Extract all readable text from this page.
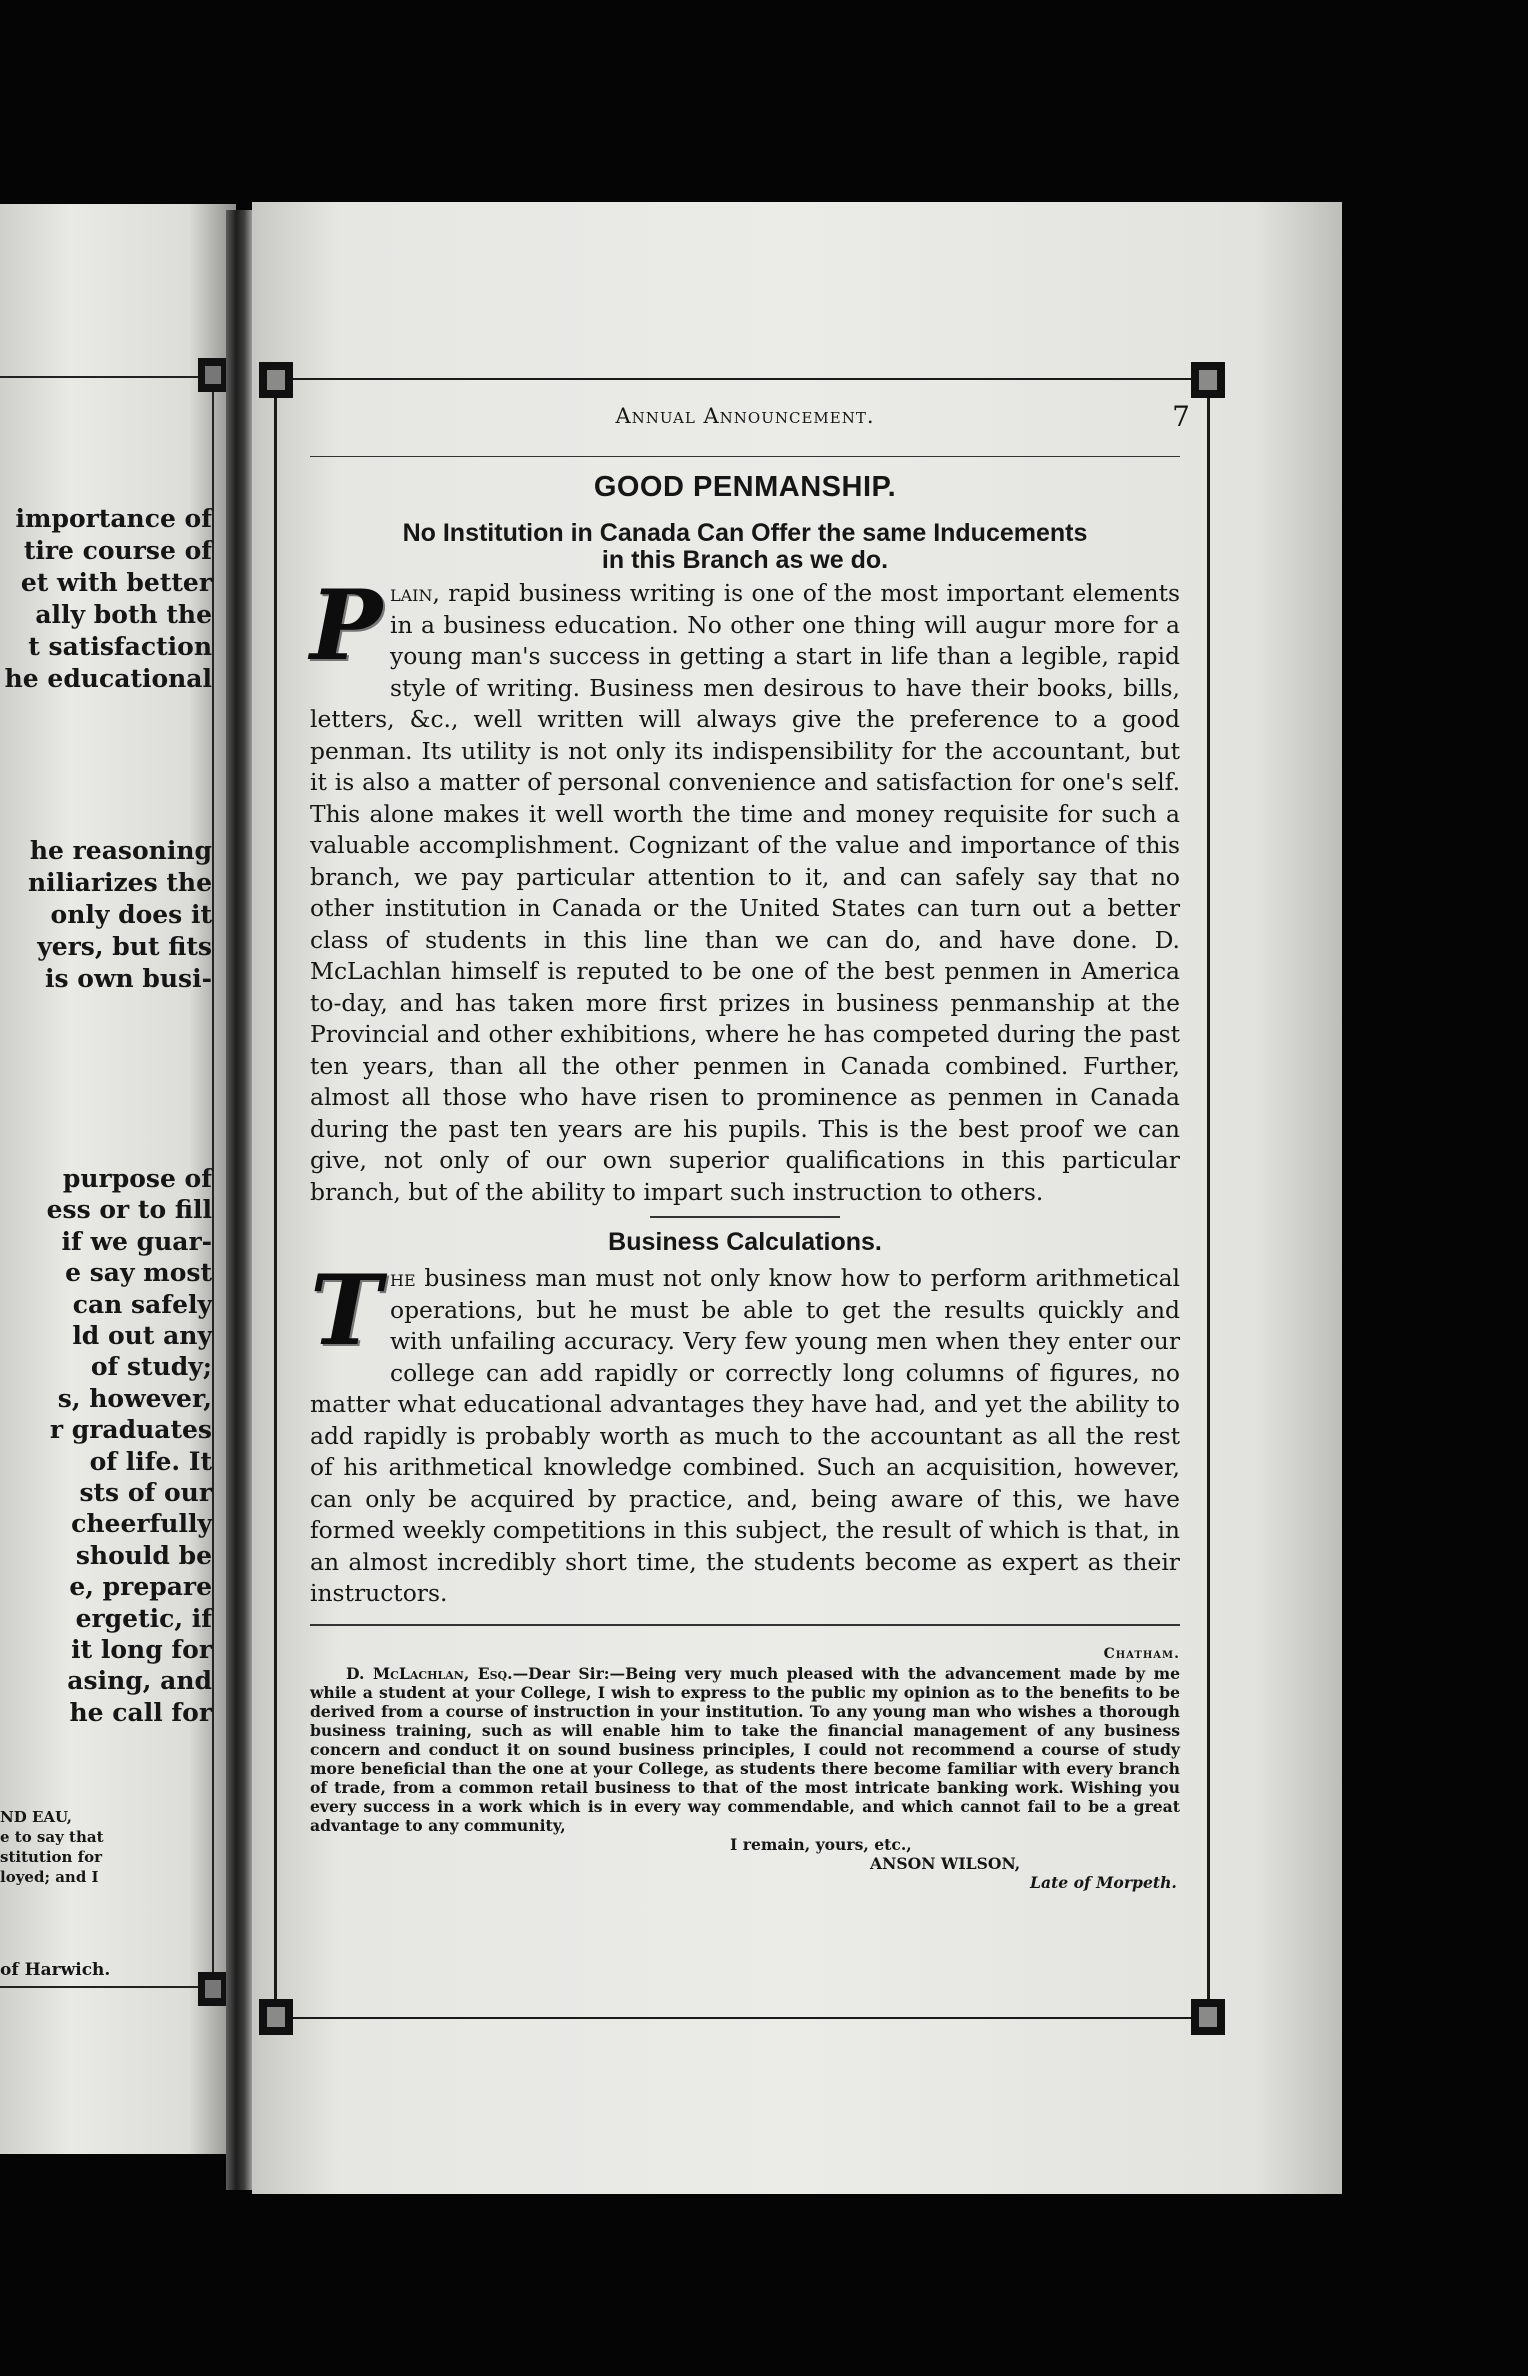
importance of
tire course of
et with better
ally both the
t satisfaction
he educational
he reasoning
niliarizes the
only does it
yers, but fits
is own busi-
purpose of
ess or to fill
if we guar-
e say most
can safely
ld out any
of study;
s, however,
r graduates
of life. It
sts of our
cheerfully
should be
e, prepare
ergetic, if
it long for
asing, and
he call for
ND EAU,
e to say that
stitution for
loyed; and I
of Harwich.
Annual Announcement.	7
GOOD PENMANSHIP.
No Institution in Canada Can Offer the same Inducements
in this Branch as we do.

Plain, rapid business writing is one of the most important elements in a business education. No other one thing will augur more for a young man's success in getting a start in life than a legible, rapid style of writing. Business men desirous to have their books, bills, letters, &c., well written will always give the preference to a good penman. Its utility is not only its indispensibility for the accountant, but it is also a matter of personal convenience and satisfaction for one's self. This alone makes it well worth the time and money requisite for such a valuable accomplishment. Cognizant of the value and importance of this branch, we pay particular attention to it, and can safely say that no other institution in Canada or the United States can turn out a better class of students in this line than we can do, and have done. D. McLachlan himself is reputed to be one of the best penmen in America to-day, and has taken more first prizes in business penmanship at the Provincial and other exhibitions, where he has competed during the past ten years, than all the other penmen in Canada combined. Further, almost all those who have risen to prominence as penmen in Canada during the past ten years are his pupils. This is the best proof we can give, not only of our own superior qualifications in this particular branch, but of the ability to impart such instruction to others.

Business Calculations.

The business man must not only know how to perform arithmetical operations, but he must be able to get the results quickly and with unfailing accuracy. Very few young men when they enter our college can add rapidly or correctly long columns of figures, no matter what educational advantages they have had, and yet the ability to add rapidly is probably worth as much to the accountant as all the rest of his arithmetical knowledge combined. Such an acquisition, however, can only be acquired by practice, and, being aware of this, we have formed weekly competitions in this subject, the result of which is that, in an almost incredibly short time, the students become as expert as their instructors.

Chatham.

D. McLachlan, Esq.—Dear Sir:—Being very much pleased with the advancement made by me while a student at your College, I wish to express to the public my opinion as to the benefits to be derived from a course of instruction in your institution. To any young man who wishes a thorough business training, such as will enable him to take the financial management of any business concern and conduct it on sound business principles, I could not recommend a course of study more beneficial than the one at your College, as students there become familiar with every branch of trade, from a common retail business to that of the most intricate banking work. Wishing you every success in a work which is in every way commendable, and which cannot fail to be a great advantage to any community,

I remain, yours, etc.,
ANSON WILSON,
Late of Morpeth.
